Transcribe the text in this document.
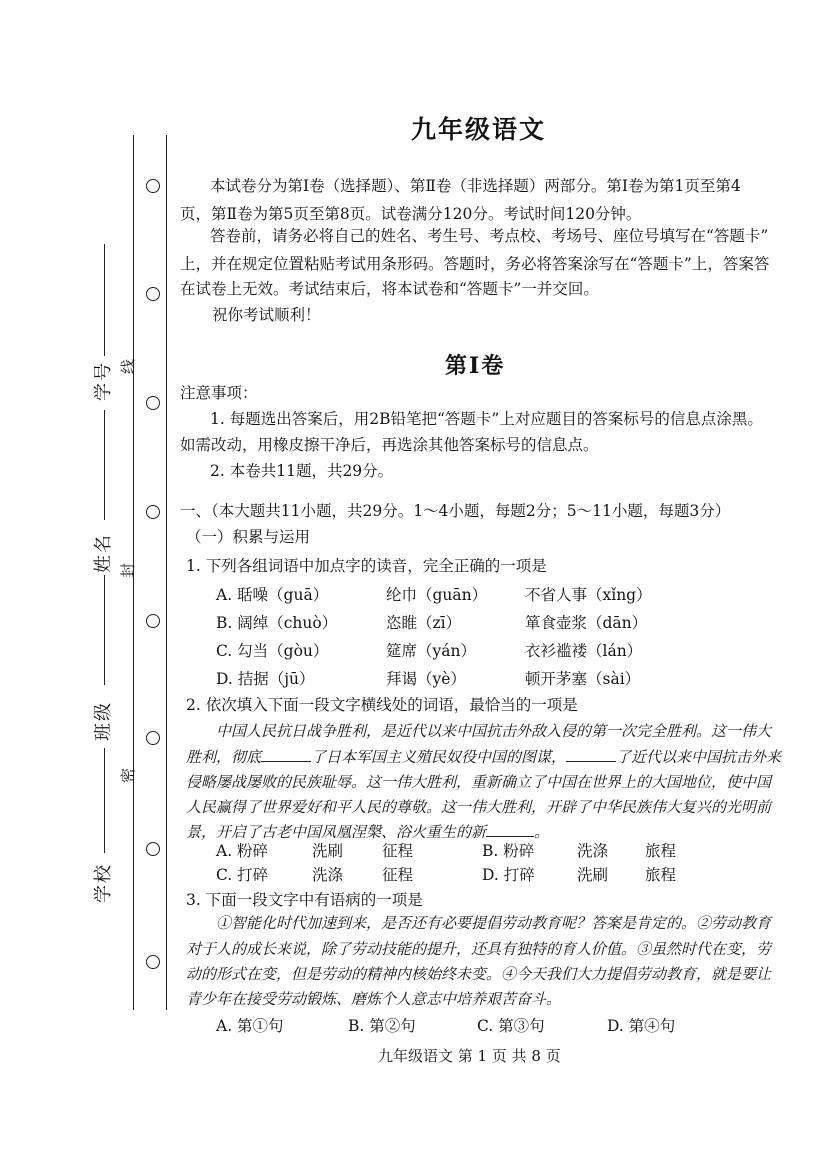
学号
姓名
班级
学校
线
封
密
九年级语文
本试卷分为第Ⅰ卷（选择题）、第Ⅱ卷（非选择题）两部分。第Ⅰ卷为第1页至第4
页，第Ⅱ卷为第5页至第8页。试卷满分120分。考试时间120分钟。
答卷前，请务必将自己的姓名、考生号、考点校、考场号、座位号填写在“答题卡”
上，并在规定位置粘贴考试用条形码。答题时，务必将答案涂写在“答题卡”上，答案答
在试卷上无效。考试结束后，将本试卷和“答题卡”一并交回。
祝你考试顺利！
第Ⅰ卷
注意事项：
1. 每题选出答案后，用2B铅笔把“答题卡”上对应题目的答案标号的信息点涂黑。
如需改动，用橡皮擦干净后，再选涂其他答案标号的信息点。
2. 本卷共11题，共29分。
一、（本大题共11小题，共29分。1～4小题，每题2分；5～11小题，每题3分）
（一）积累与运用
1. 下列各组词语中加点字的读音，完全正确的一项是
A. 聒噪（guā）	纶巾（guān） 不省人事（xǐng）
B. 阔绰（chuò）	恣睢（zī）	箪食壶浆（dān）
C. 勾当（gòu）	筵席（yán）	衣衫褴褛（lán）
D. 拮据（jū）	拜谒（yè）	顿开茅塞（sài）
2. 依次填入下面一段文字横线处的词语，最恰当的一项是
中国人民抗日战争胜利，是近代以来中国抗击外敌入侵的第一次完全胜利。这一伟大
胜利，彻底	了日本军国主义殖民奴役中国的图谋，	了近代以来中国抗击外来
侵略屡战屡败的民族耻辱。这一伟大胜利，重新确立了中国在世界上的大国地位，使中国
人民赢得了世界爱好和平人民的尊敬。这一伟大胜利，开辟了中华民族伟大复兴的光明前
景，开启了古老中国凤凰涅槃、浴火重生的新	。
A. 粉碎	洗刷	征程	B. 粉碎	洗涤 旅程
C. 打碎	洗涤	征程	D. 打碎	洗刷 旅程
3. 下面一段文字中有语病的一项是
①智能化时代加速到来，是否还有必要提倡劳动教育呢？答案是肯定的。②劳动教育
对于人的成长来说，除了劳动技能的提升，还具有独特的育人价值。③虽然时代在变，劳
动的形式在变，但是劳动的精神内核始终未变。④今天我们大力提倡劳动教育，就是要让
青少年在接受劳动锻炼、磨炼个人意志中培养艰苦奋斗。
A. 第①句	B. 第②句	C. 第③句	D. 第④句
九年级语文 第 1 页 共 8 页
